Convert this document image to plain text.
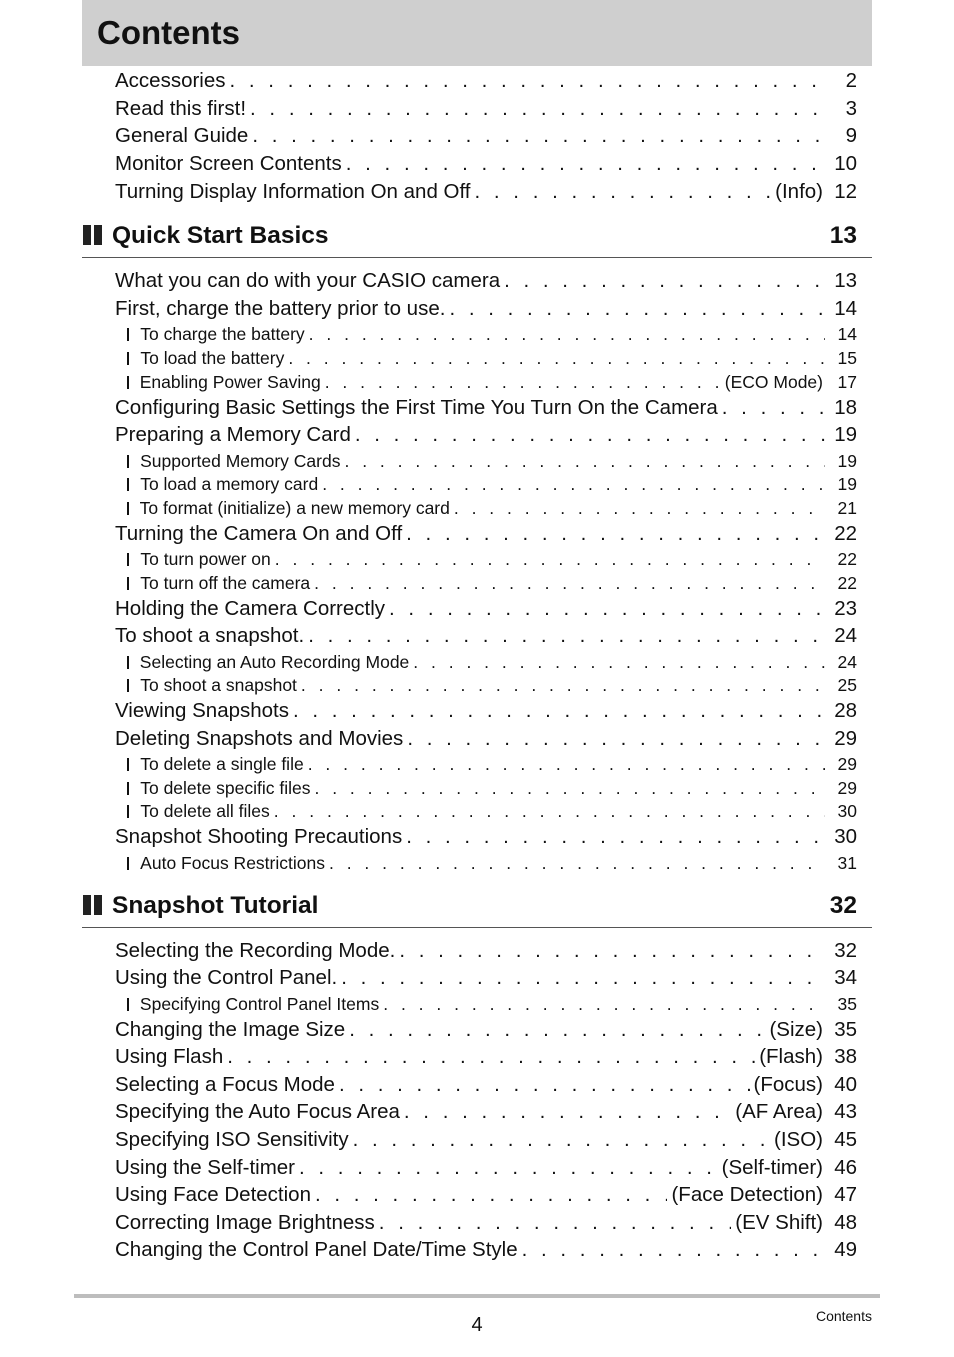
Contents
Accessories . . .	2
Read this first! . . .	3
General Guide . . .	9
Monitor Screen Contents . . .	10
Turning Display Information On and Off . . .	(Info) 12
Quick Start Basics	13
What you can do with your CASIO camera . . .	13
First, charge the battery prior to use. . . .	14
To charge the battery . . .	14
To load the battery . . .	15
Enabling Power Saving . . .	(ECO Mode) 17
Configuring Basic Settings the First Time You Turn On the Camera . . .	18
Preparing a Memory Card . . .	19
Supported Memory Cards . . .	19
To load a memory card . . .	19
To format (initialize) a new memory card . . .	21
Turning the Camera On and Off . . .	22
To turn power on . . .	22
To turn off the camera . . .	22
Holding the Camera Correctly . . .	23
To shoot a snapshot. . . .	24
Selecting an Auto Recording Mode . . .	24
To shoot a snapshot . . .	25
Viewing Snapshots . . .	28
Deleting Snapshots and Movies . . .	29
To delete a single file . . .	29
To delete specific files . . .	29
To delete all files . . .	30
Snapshot Shooting Precautions . . .	30
Auto Focus Restrictions . . .	31
Snapshot Tutorial	32
Selecting the Recording Mode. . . .	32
Using the Control Panel. . . .	34
Specifying Control Panel Items . . .	35
Changing the Image Size . . .	(Size) 35
Using Flash . . .	(Flash) 38
Selecting a Focus Mode . . .	(Focus) 40
Specifying the Auto Focus Area . . .	(AF Area) 43
Specifying ISO Sensitivity . . .	(ISO) 45
Using the Self-timer . . .	(Self-timer) 46
Using Face Detection . . .	(Face Detection) 47
Correcting Image Brightness . . .	(EV Shift) 48
Changing the Control Panel Date/Time Style . . .	49
4	Contents
